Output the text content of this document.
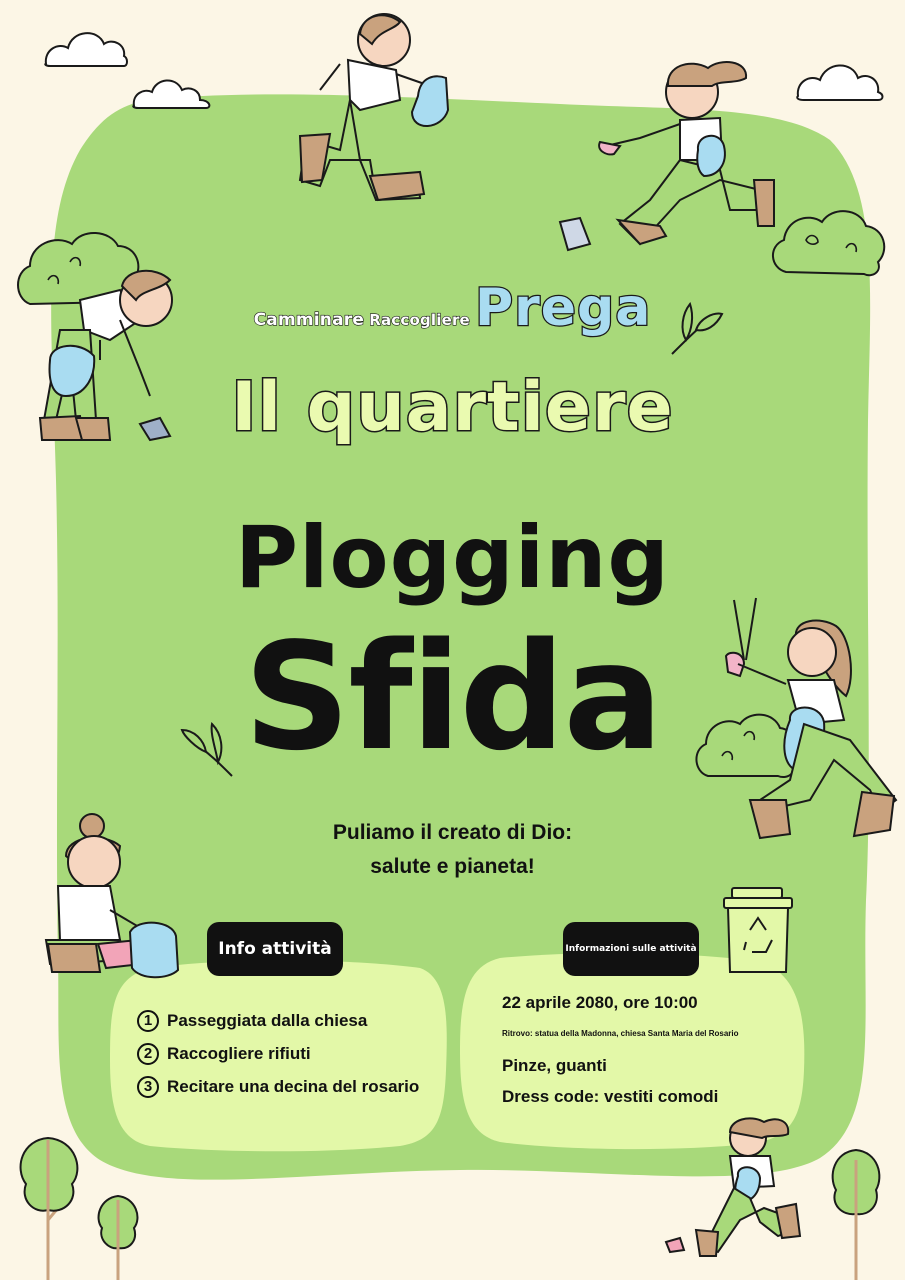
Camminare Raccogliere Prega
Il quartiere
Plogging
Sfida
Puliamo il creato di Dio:
salute e pianeta!
Info attività	Informazioni sulle attività
1 Passeggiata dalla chiesa
2 Raccogliere rifiuti
3 Recitare una decina del rosario
22 aprile 2080, ore 10:00
Ritrovo: statua della Madonna, chiesa Santa Maria del Rosario
Pinze, guanti
Dress code: vestiti comodi
